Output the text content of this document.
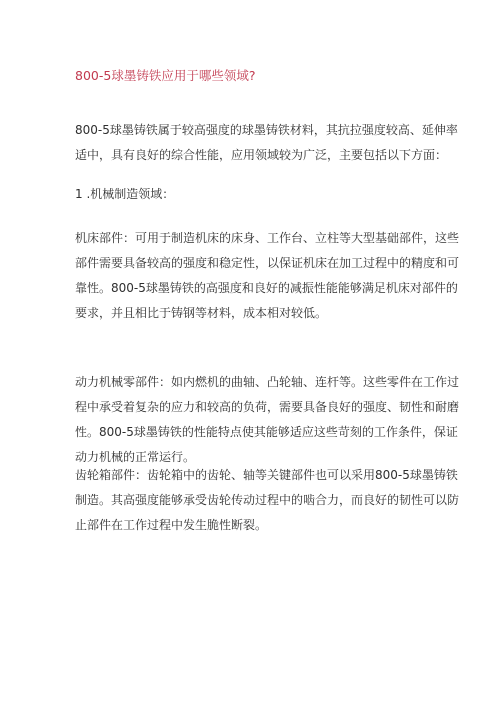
800-5球墨铸铁应用于哪些领域?

800-5球墨铸铁属于较高强度的球墨铸铁材料，其抗拉强度较高、延伸率
适中，具有良好的综合性能，应用领域较为广泛，主要包括以下方面：

1 .机械制造领域：

机床部件：可用于制造机床的床身、工作台、立柱等大型基础部件，这些
部件需要具备较高的强度和稳定性，以保证机床在加工过程中的精度和可
靠性。800-5球墨铸铁的高强度和良好的减振性能能够满足机床对部件的
要求，并且相比于铸钢等材料，成本相对较低。

动力机械零部件：如内燃机的曲轴、凸轮轴、连杆等。这些零件在工作过
程中承受着复杂的应力和较高的负荷，需要具备良好的强度、韧性和耐磨
性。800-5球墨铸铁的性能特点使其能够适应这些苛刻的工作条件，保证
动力机械的正常运行。

齿轮箱部件：齿轮箱中的齿轮、轴等关键部件也可以采用800-5球墨铸铁
制造。其高强度能够承受齿轮传动过程中的啮合力，而良好的韧性可以防
止部件在工作过程中发生脆性断裂。
